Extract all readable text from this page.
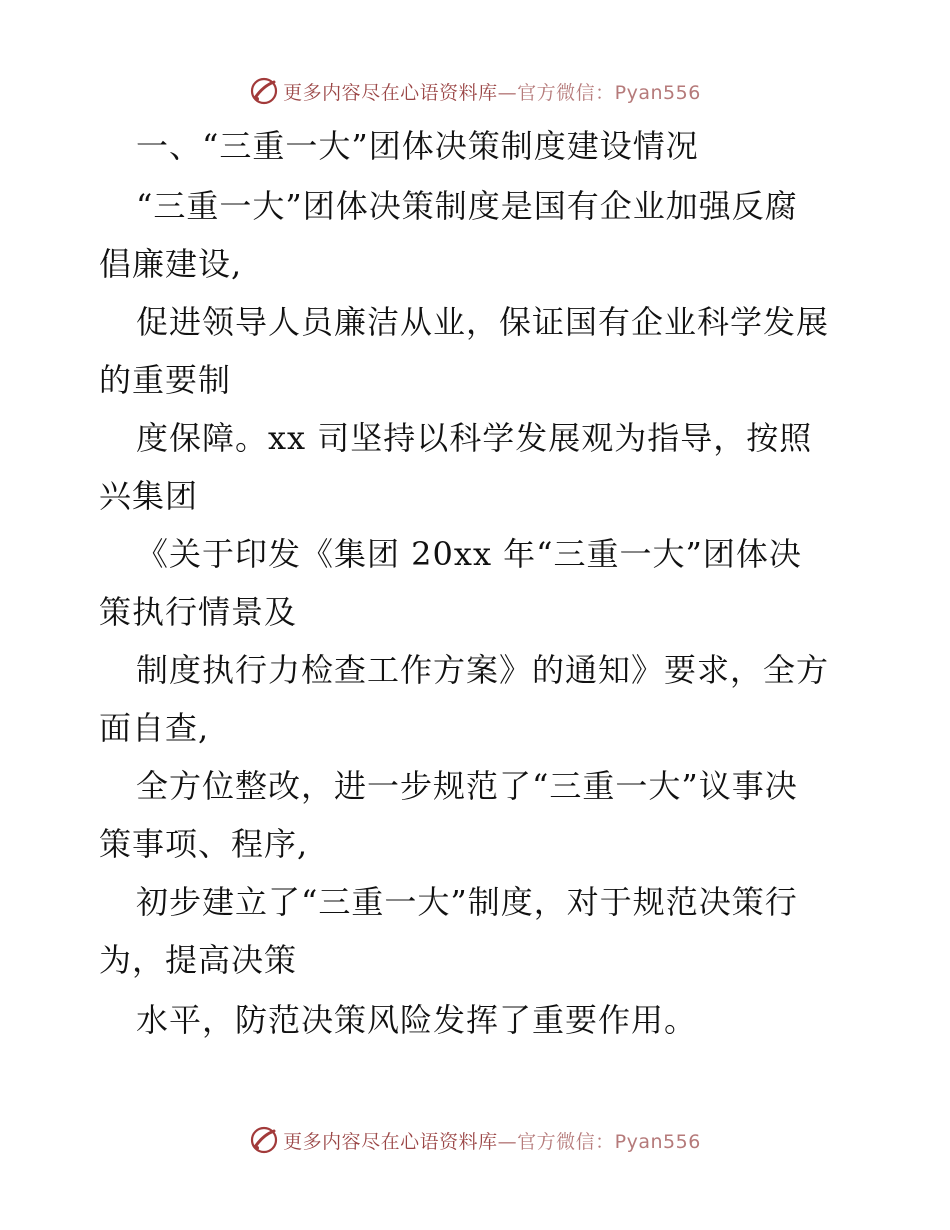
更多内容尽在心语资料库—官方微信：Pyan556
一、“三重一大”团体决策制度建设情况
“三重一大”团体决策制度是国有企业加强反腐
倡廉建设,
促进领导人员廉洁从业，保证国有企业科学发展
的重要制
度保障。xx 司坚持以科学发展观为指导，按照
兴集团
《关于印发《集团 20xx 年“三重一大”团体决
策执行情景及
制度执行力检查工作方案》的通知》要求，全方
面自查,
全方位整改，进一步规范了“三重一大”议事决
策事项、程序,
初步建立了“三重一大”制度，对于规范决策行
为，提高决策
水平，防范决策风险发挥了重要作用。
更多内容尽在心语资料库—官方微信：Pyan556
